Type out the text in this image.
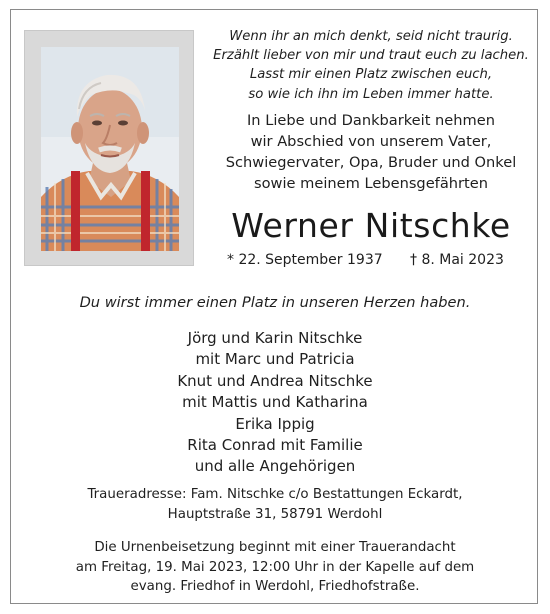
Wenn ihr an mich denkt, seid nicht traurig.
Erzählt lieber von mir und traut euch zu lachen.
Lasst mir einen Platz zwischen euch,
so wie ich ihn im Leben immer hatte.
In Liebe und Dankbarkeit nehmen
wir Abschied von unserem Vater,
Schwiegervater, Opa, Bruder und Onkel
sowie meinem Lebensgefährten
Werner Nitschke
* 22. September 1937 † 8. Mai 2023
Du wirst immer einen Platz in unseren Herzen haben.
Jörg und Karin Nitschke
mit Marc und Patricia
Knut und Andrea Nitschke
mit Mattis und Katharina
Erika Ippig
Rita Conrad mit Familie
und alle Angehörigen
Traueradresse: Fam. Nitschke c/o Bestattungen Eckardt,
Hauptstraße 31, 58791 Werdohl
Die Urnenbeisetzung beginnt mit einer Trauerandacht
am Freitag, 19. Mai 2023, 12:00 Uhr in der Kapelle auf dem
evang. Friedhof in Werdohl, Friedhofstraße.
